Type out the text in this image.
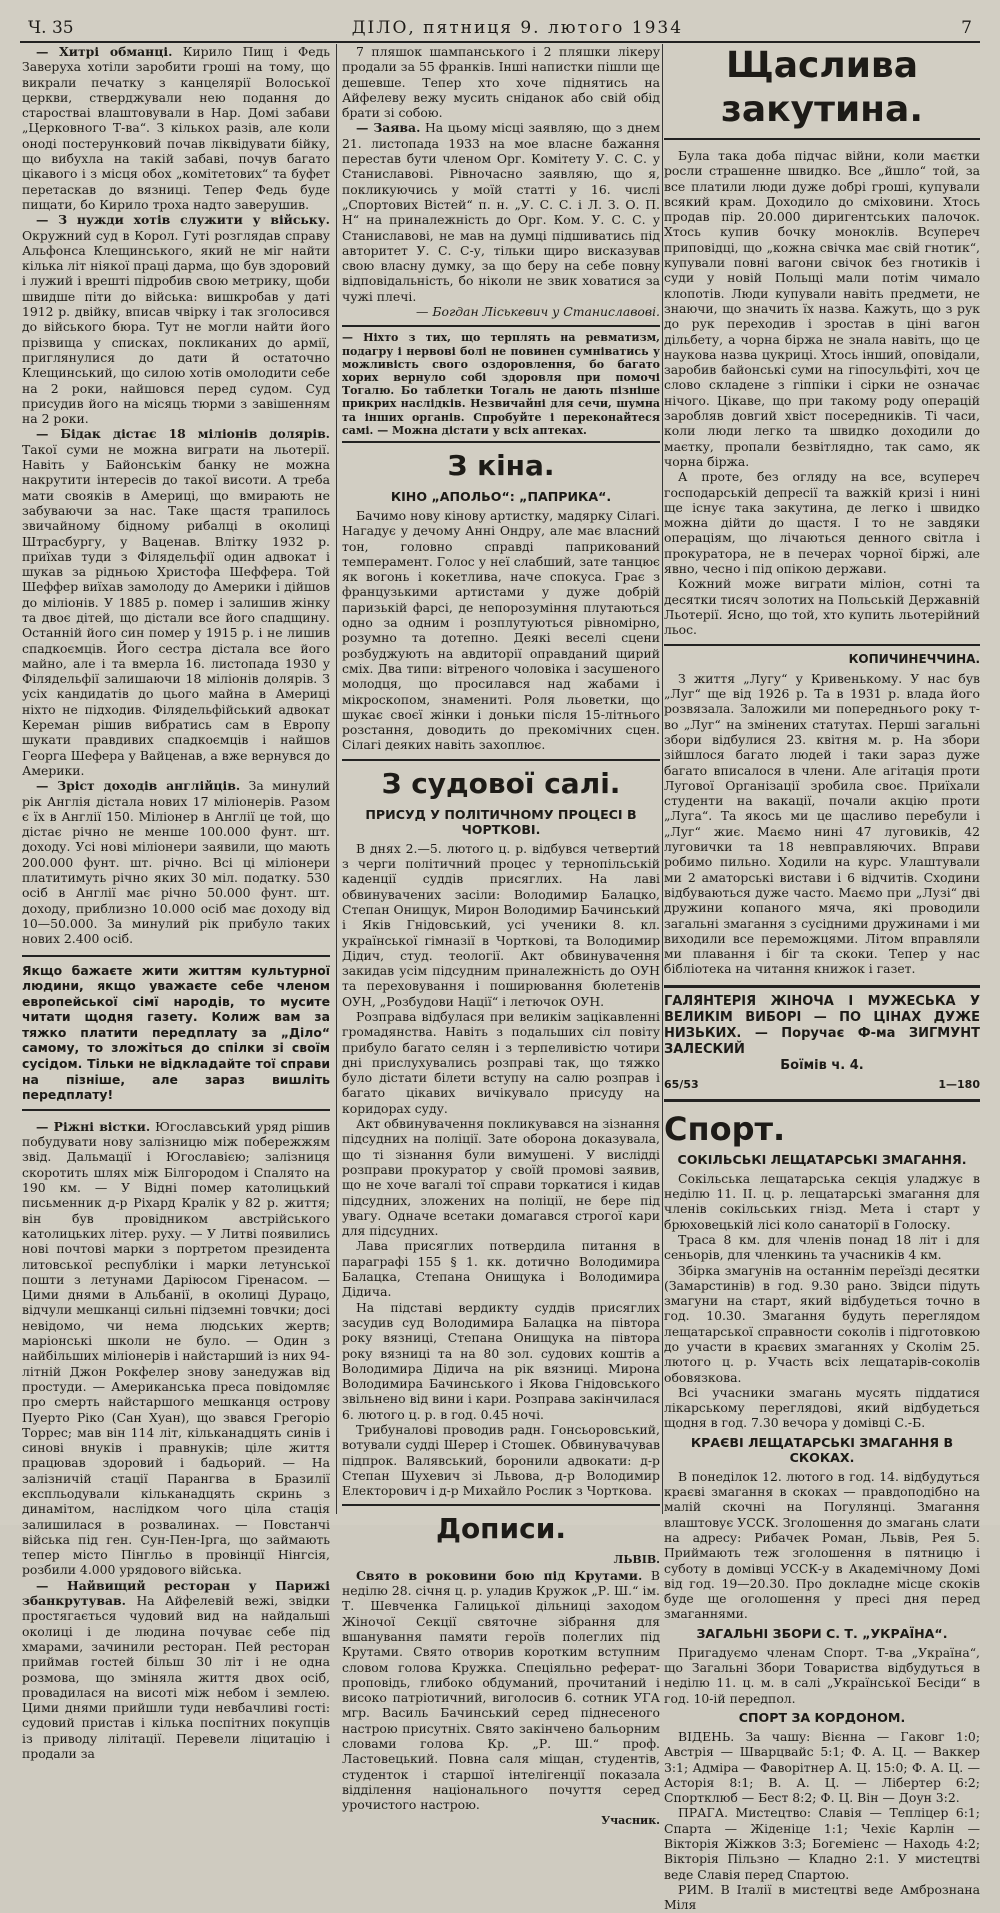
Ч. 35	ДІЛО, пятниця 9. лютого 1934	7

— Хитрі обманці. Кирило Пищ і Федь Заверуха хотіли заробити гроші на тому, що викрали печатку з канцелярії Волоської церкви, стверджували нею подання до старостваі влаштовували в Нар. Домі забави „Церковного Т-ва“. З кількох разів, але коли оноді постерунковий почав ліквідувати бійку, що вибухла на такій забаві, почув багато цікавого і з місця обох „комітетових“ та буфет перетаскав до вязниці. Тепер Федь буде пищати, бо Кирило троха надто заверушив.

— З нужди хотів служити у війську. Окружний суд в Корол. Гуті розглядав справу Альфонса Клещинського, який не міг найти кілька літ ніякої праці дарма, що був здоровий і лужий і врешті підробив свою метрику, щоби швидше піти до війська: вишкробав у даті 1912 р. двійку, вписав чвірку і так зголосився до війського бюра. Тут не могли найти його прізвища у списках, покликаних до армії, приглянулися до дати й остаточно Клещинський, що силою хотів омолодити себе на 2 роки, найшовся перед судом. Суд присудив його на місяць тюрми з завішенням на 2 роки.

— Бідак дістає 18 міліонів долярів. Такої суми не можна виграти на льотерії. Навіть у Байонськім банку не можна накрутити інтересів до такої висоти. А треба мати свояків в Америці, що вмирають не забуваючи за нас. Таке щастя трапилось звичайному бідному рибалці в околиці Штрасбургу, у Ваценав. Влітку 1932 р. приїхав туди з Філядельфії один адвокат і шукав за рідньою Христофа Шеффера. Той Шеффер виїхав замолоду до Америки і дійшов до міліонів. У 1885 р. помер і залишив жінку та двоє дітей, що дістали все його спадщину. Останній його син помер у 1915 р. і не лишив спадкоємців. Його сестра дістала все його майно, але і та вмерла 16. листопада 1930 у Філядельфії залишаючи 18 міліонів долярів. З усіх кандидатів до цього майна в Америці ніхто не підходив. Філядельфійський адвокат Кереман рішив вибратись сам в Европу шукати правдивих спадкоємців і найшов Георга Шефера у Вайценав, а вже вернувся до Америки.

— Зріст доходів англійців. За минулий рік Англія дістала нових 17 міліонерів. Разом є їх в Англії 150. Міліонер в Англії це той, що дістає річно не менше 100.000 фунт. шт. доходу. Усі нові міліонери заявили, що мають 200.000 фунт. шт. річно. Всі ці міліонери платитимуть річно яких 30 міл. податку. 530 осіб в Англії має річно 50.000 фунт. шт. доходу, приблизно 10.000 осіб має доходу від 10—50.000. За минулий рік прибуло таких нових 2.400 осіб.

Якщо бажаєте жити життям культурної людини, якщо уважаєте себе членом европейської сімї народів, то мусите читати щодня газету. Колиж вам за тяжко платити передплату за „Діло“ самому, то зложіться до спілки зі своїм сусідом. Тільки не відкладайте тої справи на пізніше, але зараз вишліть передплату!

— Ріжні вістки. Югославський уряд рішив побудувати нову залізницю між побережжям звід. Дальмації і Югославією; залізниця скоротить шлях між Білгородом і Спалято на 190 км. — У Відні помер католицький письменник д-р Ріхард Кралік у 82 р. життя; він був провідником австрійського католицьких літер. руху. — У Литві появились нові почтові марки з портретом президента литовської республіки і марки летунської пошти з летунами Даріюсом Гіренасом. — Цими днями в Альбанії, в околиці Дурацо, відчули мешканці сильні підземні товчки; досі невідомо, чи нема людських жертв; маріонські школи не було. — Один з найбільших міліонерів і найстарший із них 94-літній Джон Рокфелер знову занедужав від простуди. — Американська преса повідомляє про смерть найстаршого мешканця острову Пуерто Ріко (Сан Хуан), що звався Грегоріо Торрес; мав він 114 літ, кільканадцять синів і синові внуків і правнуків; ціле життя працював здоровий і бадьорий. — На залізничій стації Парангва в Бразилії експльодували кільканадцять скринь з динамітом, наслідком чого ціла стація залишилася в розвалинах. — Повстанчі війська під ген. Сун-Пен-Ірга, що займають тепер місто Пінгльо в провінції Нінгсія, розбили 4.000 урядового війська.

— Найвищий ресторан у Парижі збанкрутував. На Айфелевій вежі, звідки простягається чудовий вид на найдальші околиці і де людина почуває себе під хмарами, зачинили ресторан. Пей ресторан приймав гостей більш 30 літ і не одна розмова, що зміняла життя двох осіб, провадилася на висоті між небом і землею. Цими днями прийшли туди невбачливі гості: судовий пристав і кілька поспітних покупців із приводу лілітації. Перевели ліцитацію і продали за

7 пляшок шампанського і 2 пляшки лікеру продали за 55 франків. Інші напистки пішли ще дешевше. Тепер хто хоче піднятись на Айфелеву вежу мусить сніданок або свій обід брати зі собою.

— Заява. На цьому місці заявляю, що з днем 21. листопада 1933 на мое власне бажання перестав бути членом Орг. Комітету У. С. С. у Станиславові. Рівночасно заявляю, що я, покликуючись у моїй статті у 16. числі „Спортових Вістей“ п. н. „У. С. С. і Л. З. О. П. Н“ на приналежність до Орг. Ком. У. С. С. у Станиславові, не мав на думці підшиватись під авторитет У. С. С-у, тільки щиро висказував свою власну думку, за що беру на себе повну відповідальність, бо ніколи не звик ховатися за чужі плечі.

— Богдан Ліськевич у Станиславові.
— Ніхто з тих, що терплять на ревматизм, подагру і нервові болі не повинен сумніватись у можливість свого оздоровлення, бо багато хорих вернуло собі здоровля при помочі Тогалю. Бо таблетки Тогаль не дають пізніше прикрих наслідків. Незвичайні для сечи, шумна та інших органів. Спробуйте і переконайтеся самі. — Можна дістати у всіх аптеках.
З кіна.
КІНО „АПОЛЬО“: „ПАПРИКА“.

Бачимо нову кінову артистку, мадярку Сілагі. Нагадує у дечому Анні Ондру, але має власний тон, головно справді паприкований темперамент. Голос у неї слабший, зате танцює як вогонь і кокетлива, наче спокуса. Грає з французькими артистами у дуже добрій паризькій фарсі, де непорозуміння плутаються одно за одним і розплутуються рівномірно, розумно та дотепно. Деякі веселі сцени розбуджують на авдиторії оправданий щирий сміх. Два типи: вітреного чоловіка і засушеного молодця, що просилався над жабами і мікроскопом, знаменитi. Роля льоветки, що шукає своєї жінки і доньки після 15-літнього розстання, доводить до прекомічних сцен. Сілагі деяких навіть захоплює.

З судової салі.
ПРИСУД У ПОЛІТИЧНОМУ ПРОЦЕСІ В ЧОРТКОВІ.

В днях 2.—5. лютого ц. р. відбувся четвертий з черги політичний процес у тернопільській каденції суддів присяглих. На лаві обвинувачених засіли: Володимир Балацко, Степан Онищук, Мирон Володимир Бачинський і Яків Гнідовський, усі ученики 8. кл. української гімназії в Чорткові, та Володимир Дідич, студ. теології. Акт обвинувачення закидав усім підсудним приналежність до ОУН та переховування і поширювання бюлетенів ОУН, „Розбудови Нації“ і летючок ОУН.

Розправа відбулася при великім зацікавленні громадянства. Навіть з подальших сіл повіту прибуло багато селян і з терпеливістю чотири дні прислухувались розправі так, що тяжко було дістати білети вступу на салю розправ і багато цікавих вичікувало присуду на коридорах суду.

Акт обвинувачення покликувався на зізнання підсудних на поліції. Зате оборона доказувала, що ті зізнання були вимушені. У вислідді розправи прокуратор у своїй промові заявив, що не хоче вагалі тої справи торкатися і кидав підсудних, зложених на поліції, не бере під увагу. Одначе всетаки домагався строгої кари для підсудних.

Лава присяглих потвердила питання в параграфі 155 § 1. кк. дотично Володимира Балацка, Степана Онищука і Володимира Дідича.

На підставі вердикту суддів присяглих засудив суд Володимира Балацка на півтора року вязниці, Степана Онищука на півтора року вязниці та на 80 зол. судових коштів а Володимира Дідича на рік вязниці. Мирона Володимира Бачинського і Якова Гнідовського звільнено від вини і кари. Розправа закінчилася 6. лютого ц. р. в год. 0.45 ночі.

Трибуналові проводив радн. Гонсьоровський, вотували судді Шерер і Стошек. Обвинувачував підпрок. Валявський, боронили адвокати: д-р Степан Шухевич зі Львова, д-р Володимир Електорович і д-р Михайло Рослик з Чорткова.

Дописи.
ЛЬВІВ.

Свято в роковини бою під Крутами. В неділю 28. січня ц. р. уладив Кружок „Р. Ш.“ ім. Т. Шевченка Галицької дільниці заходом Жіночої Секції святочне зібрання для вшанування памяти героїв полеглих під Крутами. Свято отворив коротким вступним словом голова Кружка. Спеціяльно реферат-проповідь, глибоко обдуманий, прочитаний і високо патріотичний, виголосив 6. сотник УГА мгр. Василь Бачинський серед піднесеного настрою присутніх. Свято закінчено бальорним словами голова Кр. „Р. Ш.“ проф. Ластовецький. Повна саля міщан, студентів, студенток і старшої інтелігенції показала відділення національного почуття серед урочистого настрою.

Учасник.
Щаслива закутина.

Була така доба підчас війни, коли маєтки росли страшенне швидко. Все „йшло“ той, за все платили люди дуже добрі гроші, купували всякий крам. Доходило до сміховини. Хтось продав пір. 20.000 диригентських палочок. Хтось купив бочку моноклів. Всупереч приповідці, що „кожна свічка має свій гнотик“, купували повні вагони свічок без гнотиків і суди у новій Польщі мали потім чимало клопотів. Люди купували навіть предмети, не знаючи, що значить їх назва. Кажуть, що з рук до рук переходив і зростав в ціні вагон дільбету, а чорна біржа не знала навіть, що це наукова назва цукриці. Хтось інший, оповідали, заробив байонські суми на гіпосульфіті, хоч це слово складене з гіппіки і сірки не означає нічого. Цікаве, що при такому роду операцій заробляв довгий хвіст посередників. Ті часи, коли люди легко та швидко доходили до маєтку, пропали безвітлядно, так само, як чорна біржа.

А проте, без огляду на все, всупереч господарській депресії та важкій кризі і нині ще існує така закутина, де легко і швидко можна дійти до щастя. І то не завдяки операціям, що лічаються денного світла і прокуратора, не в печерах чорної біржі, але явно, чесно і під опікою держави.

Кожний може виграти міліон, сотні та десятки тисяч золотих на Польській Державній Льотерії. Ясно, що той, хто купить льотерійний льос.

КОПИЧИНЕЧЧИНА.

З життя „Лугу“ у Кривенькому. У нас був „Луг“ ще від 1926 р. Та в 1931 р. влада його розвязала. Заложили ми попереднього року т-во „Луг“ на змінених статутах. Перші загальні збори відбулися 23. квітня м. р. На збори зійшлося багато людей і таки зараз дуже багато вписалося в члени. Але агітація проти Лугової Організації зробила своє. Приїхали студенти на вакації, почали акцію проти „Луга“. Та якось ми це щасливо перебули і „Луг“ жиє. Маємо нині 47 луговиків, 42 луговички та 18 невправляючих. Вправи робимо пильно. Ходили на курс. Улаштували ми 2 аматорські вистави і 6 відчитів. Сходини відбуваються дуже часто. Маємо при „Лузі“ дві дружини копаного мяча, які проводили загальні змагання з сусідними дружинами і ми виходили все переможцями. Літом вправляли ми плавання і біг та скоки. Тепер у нас бібліотека на читання книжок і газет.

ГАЛЯНТЕРІЯ ЖІНОЧА І МУЖЕСЬКА У ВЕЛИКІМ ВИБОРІ — ПО ЦІНАХ ДУЖЕ НИЗЬКИХ. — Поручає Ф-ма ЗИГМУНТ ЗАЛЕСКИЙ
Боїмів ч. 4.
65/53	1—180
Спорт.
СОКІЛЬСЬКІ ЛЕЩАТАРСЬКІ ЗМАГАННЯ.

Сокільська лещатарська секція уладжує в неділю 11. II. ц. р. лещатарські змагання для членів сокільських гнізд. Мета і старт у брюховецькій лісі коло санаторії в Голоску.

Траса 8 км. для членів понад 18 літ і для сеньорів, для членкинь та учасників 4 км.

Збірка змагунів на останнім переїзді десятки (Замарстинів) в год. 9.30 рано. Звідси підуть змагуни на старт, який відбудеться точно в год. 10.30. Змагання будуть переглядом лещатарської справности соколів і підготовкою до участи в краєвих змаганнях у Сколім 25. лютого ц. р. Участь всіх лещатарів-соколів обовязкова.

Всі учасники змагань мусять піддатися лікарському переглядові, який відбудеться щодня в год. 7.30 вечора у домівці С.-Б.

КРАЄВІ ЛЕЩАТАРСЬКІ ЗМАГАННЯ В СКОКАХ.

В понеділок 12. лютого в год. 14. відбудуться краєві змагання в скоках — правдоподібно на малій скочні на Погулянці. Змагання влаштовує УССК. Зголошення до змагань слати на адресу: Рибачек Роман, Львів, Рея 5. Приймають теж зголошення в пятницю і суботу в домівці УССК-у в Академічному Домі від год. 19—20.30. Про докладне місце скоків буде ще оголошення у пресі дня перед змаганнями.

ЗАГАЛЬНІ ЗБОРИ С. Т. „УКРАЇНА“.

Пригадуємо членам Спорт. Т-ва „Україна“, що Загальні Збори Товариства відбудуться в неділю 11. ц. м. в салі „Української Бесіди“ в год. 10-ій передпол.

СПОРТ ЗА КОРДОНОМ.

ВІДЕНЬ. За чашу: Вієнна — Гаковг 1:0; Австрія — Шварцвайс 5:1; Ф. А. Ц. — Ваккер 3:1; Адміра — Фаворітнер А. Ц. 15:0; Ф. А. Ц. — Асторія 8:1; В. А. Ц. — Лібертер 6:2; Спортклюб — Бест 8:2; Ф. Ц. Він — Доун 3:2.

ПРАГА. Мистецтво: Славія — Тепліцер 6:1; Спарта — Жіденіце 1:1; Чехіє Карлін — Вікторія Жіжков 3:3; Богеміенс — Находь 4:2; Вікторія Пільзно — Кладно 2:1. У мистецтві веде Славія перед Спартою.

РИМ. В Італії в мистецтві веде Амбрознана Міля
